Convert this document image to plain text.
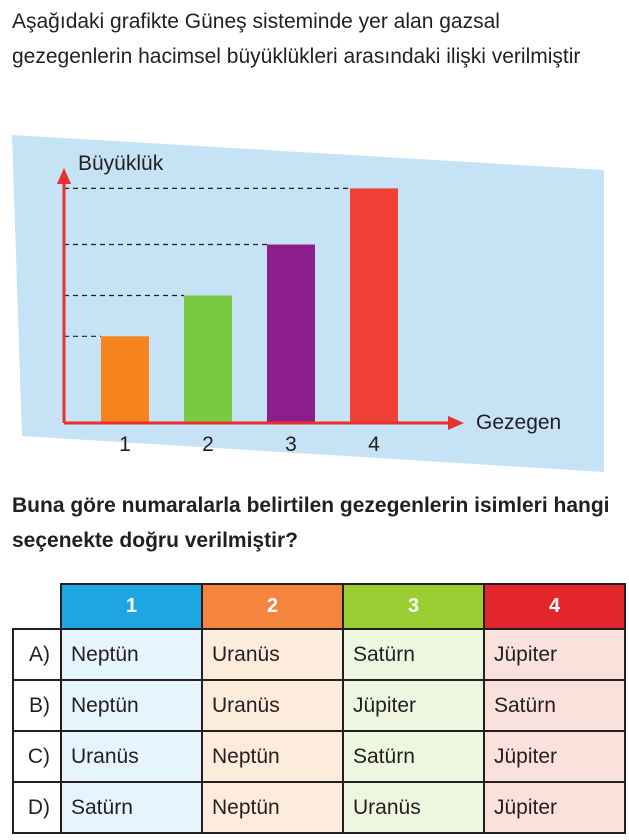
Aşağıdaki grafikte Güneş sisteminde yer alan gazsal gezegenlerin hacimsel büyüklükleri arasındaki ilişki verilmiştir

Büyüklük
Gezegen
1	2	3	4

Buna göre numaralarla belirtilen gezegenlerin isimleri hangi seçenekte doğru verilmiştir?

	1	2	3	4
A)	Neptün	Uranüs	Satürn	Jüpiter
B)	Neptün	Uranüs	Jüpiter	Satürn
C)	Uranüs	Neptün	Satürn	Jüpiter
D)	Satürn	Neptün	Uranüs	Jüpiter
